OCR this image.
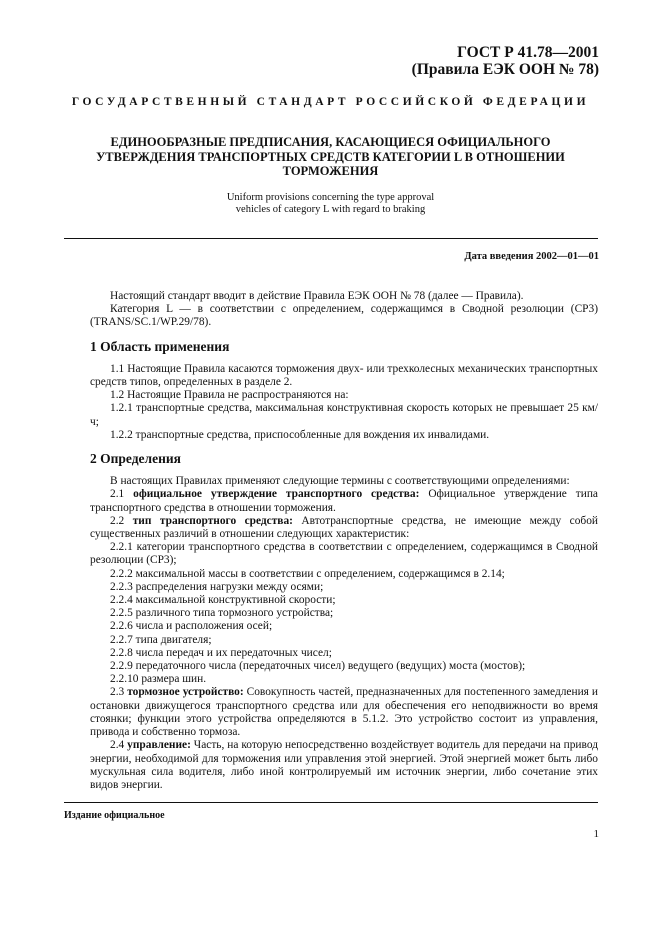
ГОСТ Р 41.78—2001
(Правила ЕЭК ООН № 78)
ГОСУДАРСТВЕННЫЙ СТАНДАРТ РОССИЙСКОЙ ФЕДЕРАЦИИ
ЕДИНООБРАЗНЫЕ ПРЕДПИСАНИЯ, КАСАЮЩИЕСЯ ОФИЦИАЛЬНОГО
УТВЕРЖДЕНИЯ ТРАНСПОРТНЫХ СРЕДСТВ КАТЕГОРИИ L В ОТНОШЕНИИ
ТОРМОЖЕНИЯ
Uniform provisions concerning the type approval
vehicles of category L with regard to braking
Дата введения 2002—01—01

Настоящий стандарт вводит в действие Правила ЕЭК ООН № 78 (далее — Правила).

Категория L — в соответствии с определением, содержащимся в Сводной резолюции (СР3) (TRANS/SC.1/WP.29/78).

1 Область применения

1.1 Настоящие Правила касаются торможения двух- или трехколесных механических транспортных средств типов, определенных в разделе 2.

1.2 Настоящие Правила не распространяются на:

1.2.1 транспортные средства, максимальная конструктивная скорость которых не превышает 25 км/ч;

1.2.2 транспортные средства, приспособленные для вождения их инвалидами.

2 Определения

В настоящих Правилах применяют следующие термины с соответствующими определениями:

2.1 официальное утверждение транспортного средства: Официальное утверждение типа транспортного средства в отношении торможения.

2.2 тип транспортного средства: Автотранспортные средства, не имеющие между собой существенных различий в отношении следующих характеристик:

2.2.1 категории транспортного средства в соответствии с определением, содержащимся в Сводной резолюции (СР3);

2.2.2 максимальной массы в соответствии с определением, содержащимся в 2.14;

2.2.3 распределения нагрузки между осями;

2.2.4 максимальной конструктивной скорости;

2.2.5 различного типа тормозного устройства;

2.2.6 числа и расположения осей;

2.2.7 типа двигателя;

2.2.8 числа передач и их передаточных чисел;

2.2.9 передаточного числа (передаточных чисел) ведущего (ведущих) моста (мостов);

2.2.10 размера шин.

2.3 тормозное устройство: Совокупность частей, предназначенных для постепенного замедления и остановки движущегося транспортного средства или для обеспечения его неподвижности во время стоянки; функции этого устройства определяются в 5.1.2. Это устройство состоит из управления, привода и собственно тормоза.

2.4 управление: Часть, на которую непосредственно воздействует водитель для передачи на привод энергии, необходимой для торможения или управления этой энергией. Этой энергией может быть либо мускульная сила водителя, либо иной контролируемый им источник энергии, либо сочетание этих видов энергии.

Издание официальное
1
